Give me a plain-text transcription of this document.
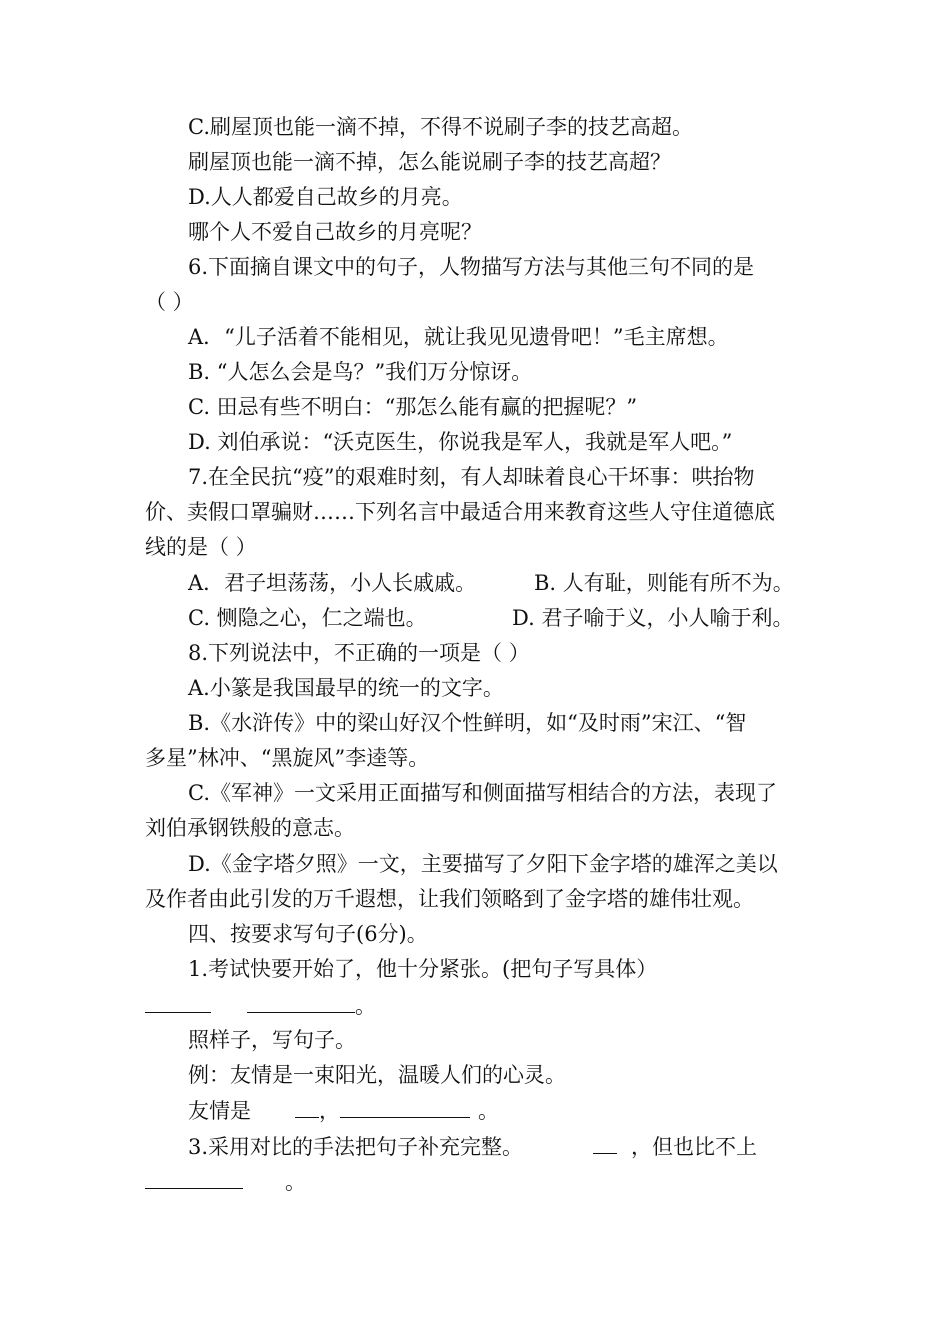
C.刷屋顶也能一滴不掉，不得不说刷子李的技艺高超。
刷屋顶也能一滴不掉，怎么能说刷子李的技艺高超？
D.人人都爱自己故乡的月亮。
哪个人不爱自己故乡的月亮呢？
6.下面摘自课文中的句子，人物描写方法与其他三句不同的是
（ ）
A．“儿子活着不能相见，就让我见见遗骨吧！”毛主席想。
B. “人怎么会是鸟？”我们万分惊讶。
C. 田忌有些不明白：“那怎么能有赢的把握呢？”
D. 刘伯承说：“沃克医生，你说我是军人，我就是军人吧。”
7.在全民抗“疫”的艰难时刻，有人却昧着良心干坏事：哄抬物
价、卖假口罩骗财……下列名言中最适合用来教育这些人守住道德底
线的是（ ）
A．君子坦荡荡，小人长戚戚。	B. 人有耻，则能有所不为。
C. 恻隐之心，仁之端也。	D. 君子喻于义，小人喻于利。
8.下列说法中，不正确的一项是（ ）
A.小篆是我国最早的统一的文字。
B.《水浒传》中的梁山好汉个性鲜明，如“及时雨”宋江、“智
多星”林冲、“黑旋风”李逵等。
C.《军神》一文采用正面描写和侧面描写相结合的方法，表现了
刘伯承钢铁般的意志。
D.《金字塔夕照》一文，主要描写了夕阳下金字塔的雄浑之美以
及作者由此引发的万千遐想，让我们领略到了金字塔的雄伟壮观。
四、按要求写句子(6分)。
1.考试快要开始了，他十分紧张。(把句子写具体）
。
照样子，写句子。
例：友情是一束阳光，温暖人们的心灵。
友情是	，	。
3.采用对比的手法把句子补充完整。	，但也比不上
。
